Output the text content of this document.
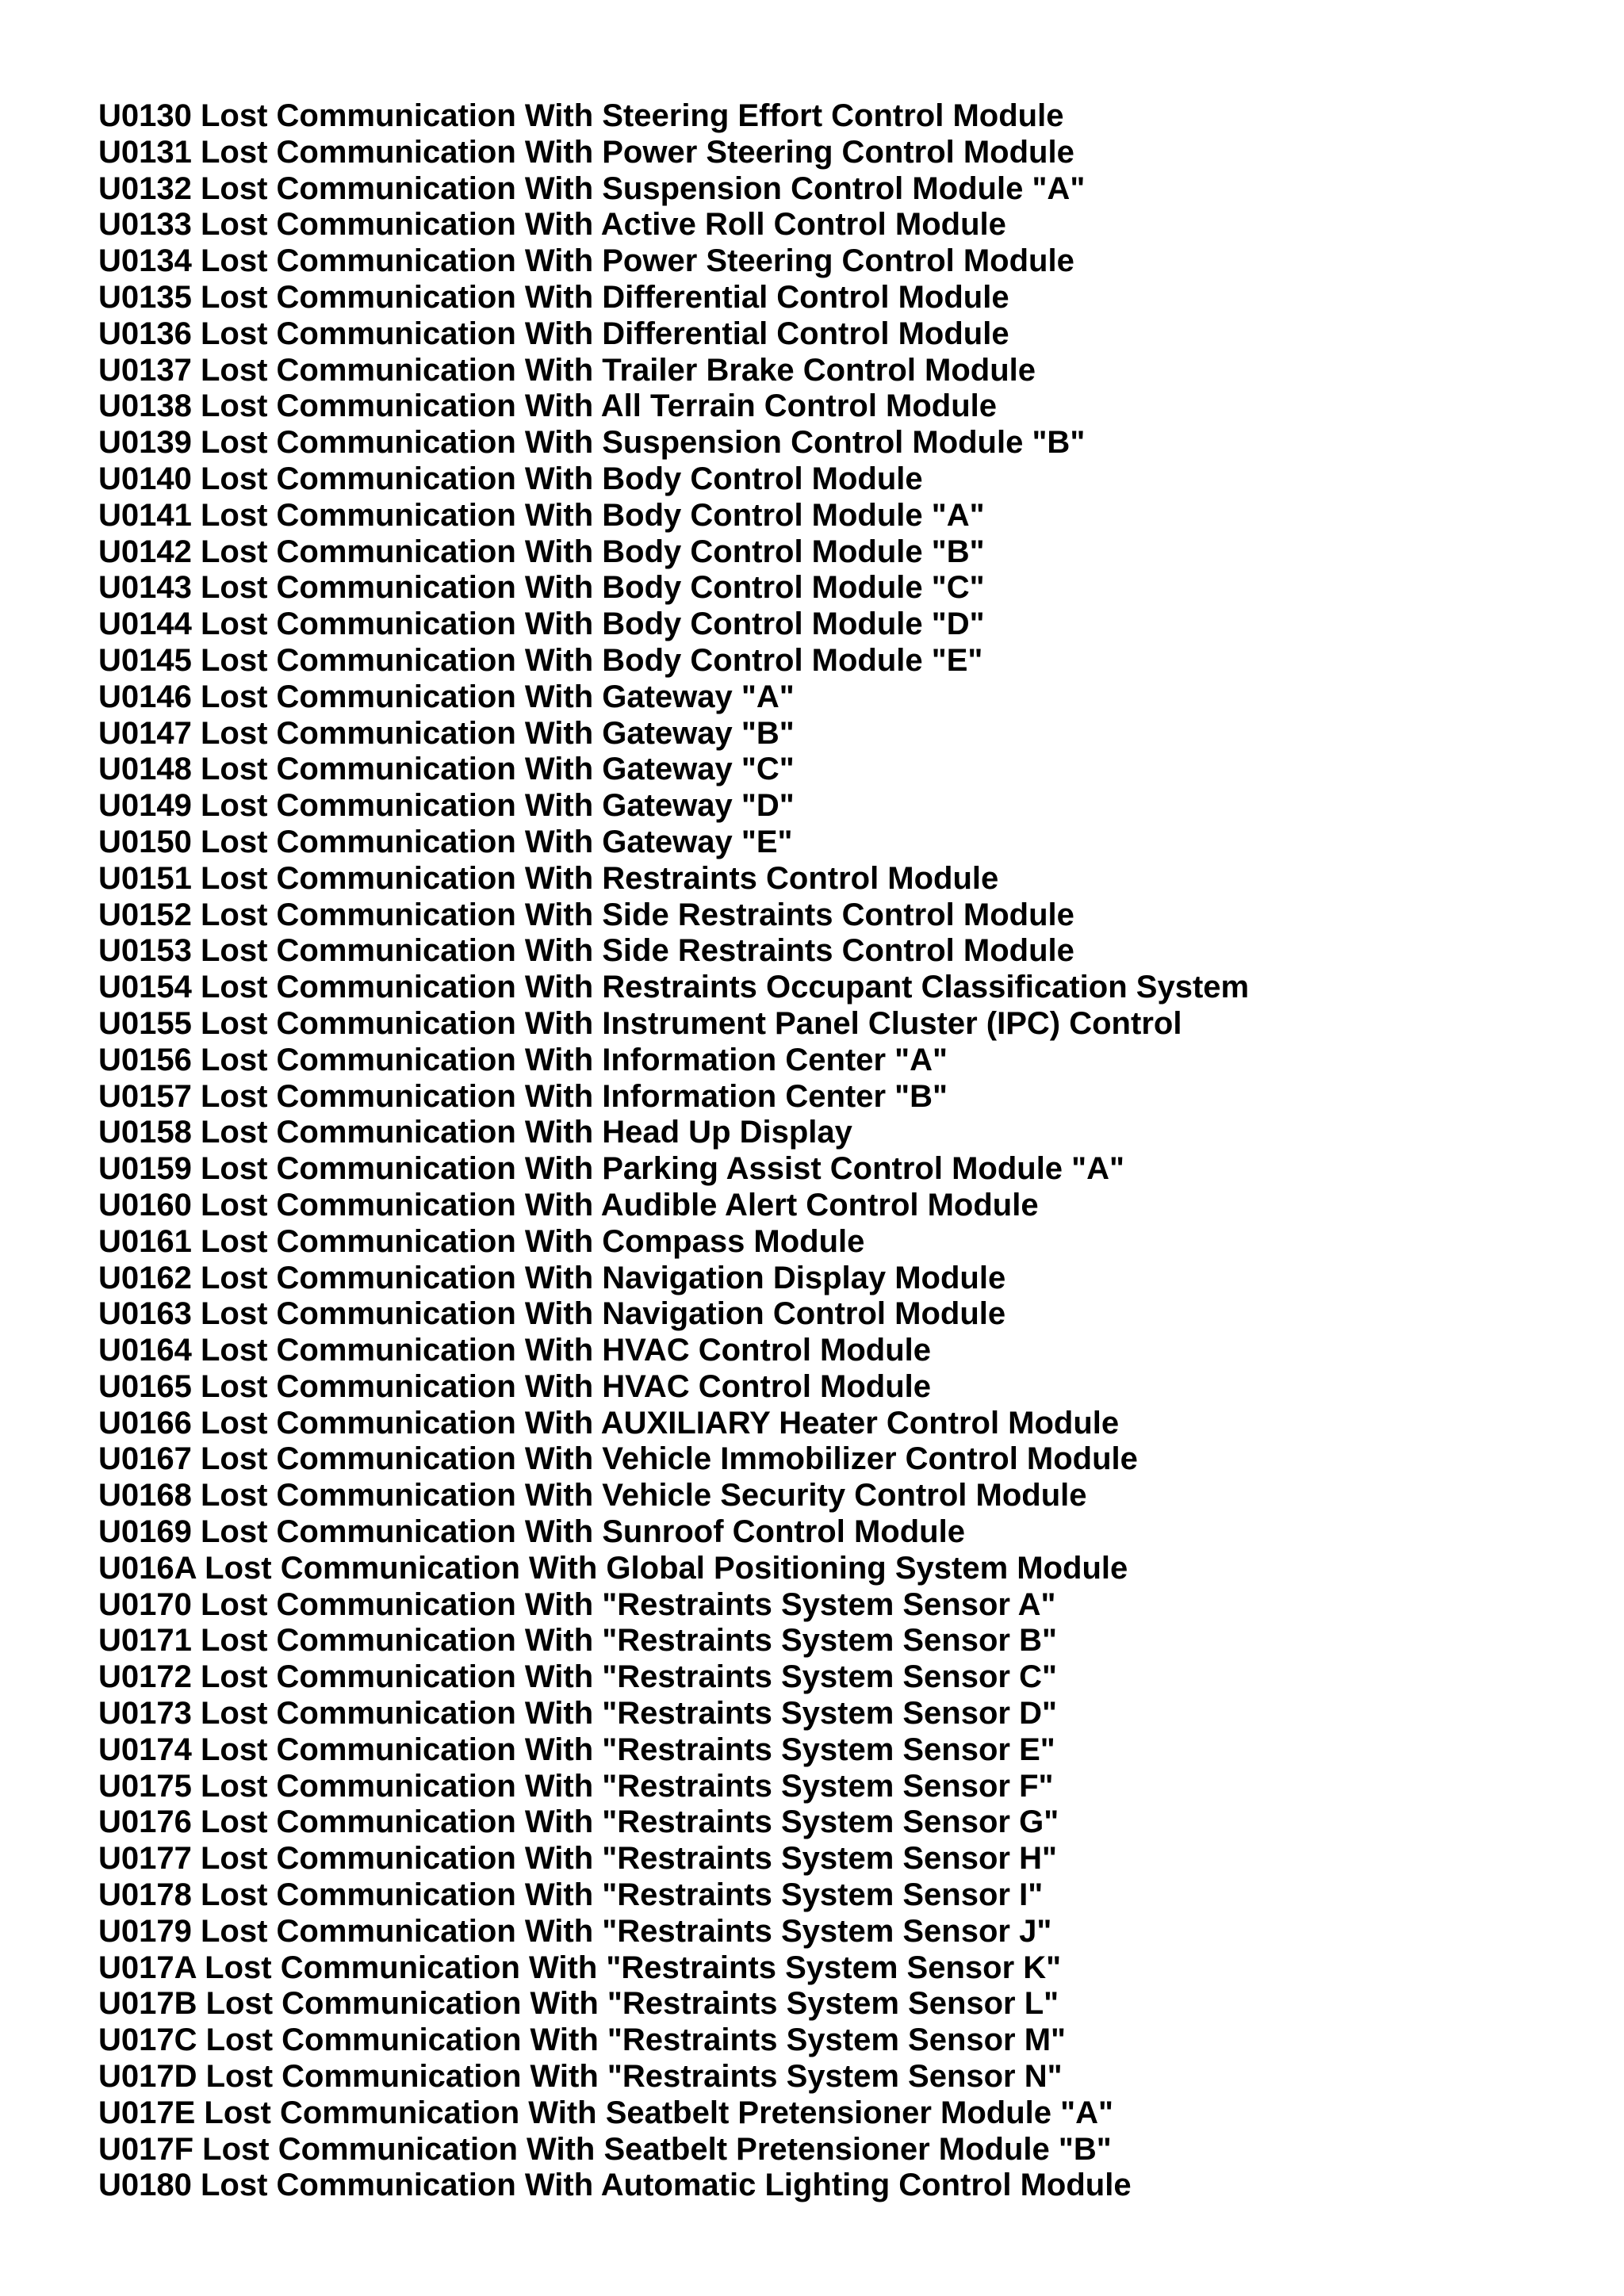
U0130 Lost Communication With Steering Effort Control Module
U0131 Lost Communication With Power Steering Control Module
U0132 Lost Communication With Suspension Control Module "A"
U0133 Lost Communication With Active Roll Control Module
U0134 Lost Communication With Power Steering Control Module
U0135 Lost Communication With Differential Control Module
U0136 Lost Communication With Differential Control Module
U0137 Lost Communication With Trailer Brake Control Module
U0138 Lost Communication With All Terrain Control Module
U0139 Lost Communication With Suspension Control Module "B"
U0140 Lost Communication With Body Control Module
U0141 Lost Communication With Body Control Module "A"
U0142 Lost Communication With Body Control Module "B"
U0143 Lost Communication With Body Control Module "C"
U0144 Lost Communication With Body Control Module "D"
U0145 Lost Communication With Body Control Module "E"
U0146 Lost Communication With Gateway "A"
U0147 Lost Communication With Gateway "B"
U0148 Lost Communication With Gateway "C"
U0149 Lost Communication With Gateway "D"
U0150 Lost Communication With Gateway "E"
U0151 Lost Communication With Restraints Control Module
U0152 Lost Communication With Side Restraints Control Module
U0153 Lost Communication With Side Restraints Control Module
U0154 Lost Communication With Restraints Occupant Classification System
U0155 Lost Communication With Instrument Panel Cluster (IPC) Control
U0156 Lost Communication With Information Center "A"
U0157 Lost Communication With Information Center "B"
U0158 Lost Communication With Head Up Display
U0159 Lost Communication With Parking Assist Control Module "A"
U0160 Lost Communication With Audible Alert Control Module
U0161 Lost Communication With Compass Module
U0162 Lost Communication With Navigation Display Module
U0163 Lost Communication With Navigation Control Module
U0164 Lost Communication With HVAC Control Module
U0165 Lost Communication With HVAC Control Module
U0166 Lost Communication With AUXILIARY Heater Control Module
U0167 Lost Communication With Vehicle Immobilizer Control Module
U0168 Lost Communication With Vehicle Security Control Module
U0169 Lost Communication With Sunroof Control Module
U016A Lost Communication With Global Positioning System Module
U0170 Lost Communication With "Restraints System Sensor A"
U0171 Lost Communication With "Restraints System Sensor B"
U0172 Lost Communication With "Restraints System Sensor C"
U0173 Lost Communication With "Restraints System Sensor D"
U0174 Lost Communication With "Restraints System Sensor E"
U0175 Lost Communication With "Restraints System Sensor F"
U0176 Lost Communication With "Restraints System Sensor G"
U0177 Lost Communication With "Restraints System Sensor H"
U0178 Lost Communication With "Restraints System Sensor I"
U0179 Lost Communication With "Restraints System Sensor J"
U017A Lost Communication With "Restraints System Sensor K"
U017B Lost Communication With "Restraints System Sensor L"
U017C Lost Communication With "Restraints System Sensor M"
U017D Lost Communication With "Restraints System Sensor N"
U017E Lost Communication With Seatbelt Pretensioner Module "A"
U017F Lost Communication With Seatbelt Pretensioner Module "B"
U0180 Lost Communication With Automatic Lighting Control Module
